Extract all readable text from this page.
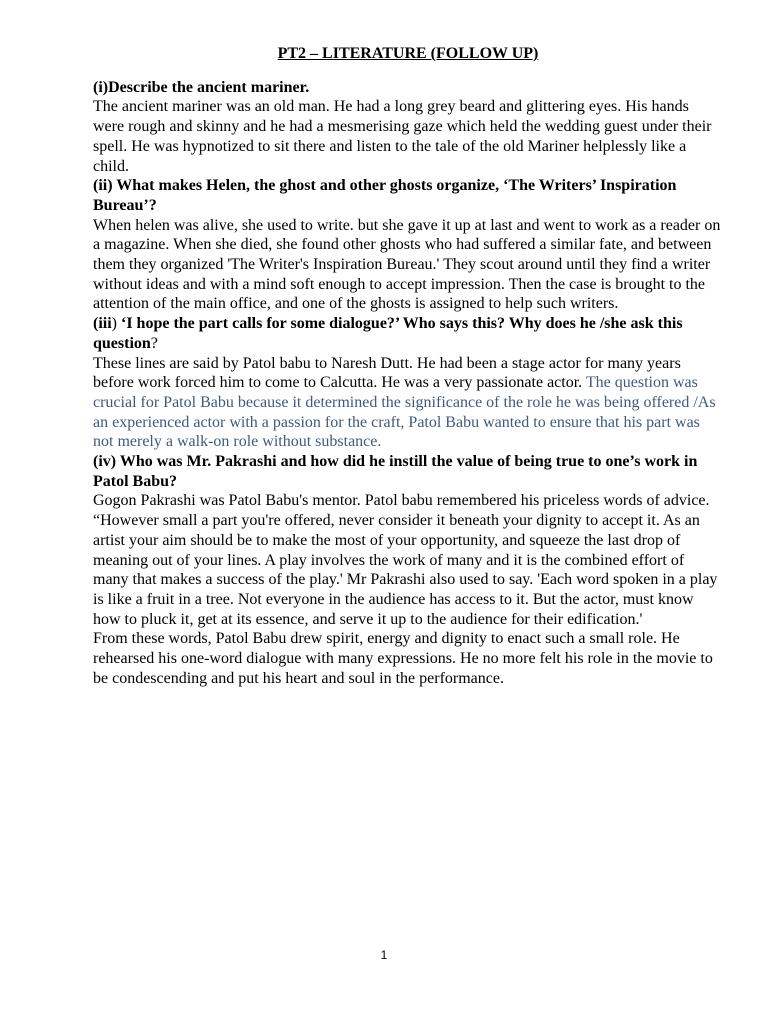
PT2 – LITERATURE (FOLLOW UP)

(i)Describe the ancient mariner.

The ancient mariner was an old man. He had a long grey beard and glittering eyes. His hands were rough and skinny and he had a mesmerising gaze which held the wedding guest under their spell. He was hypnotized to sit there and listen to the tale of the old Mariner helplessly like a child.

(ii) What makes Helen, the ghost and other ghosts organize, ‘The Writers’ Inspiration Bureau’?

When helen was alive, she used to write. but she gave it up at last and went to work as a reader on a magazine. When she died, she found other ghosts who had suffered a similar fate, and between them they organized 'The Writer's Inspiration Bureau.' They scout around until they find a writer without ideas and with a mind soft enough to accept impression. Then the case is brought to the attention of the main office, and one of the ghosts is assigned to help such writers.

(iii) ‘I hope the part calls for some dialogue?’ Who says this? Why does he /she ask this question?

These lines are said by Patol babu to Naresh Dutt. He had been a stage actor for many years before work forced him to come to Calcutta. He was a very passionate actor. The question was crucial for Patol Babu because it determined the significance of the role he was being offered /As an experienced actor with a passion for the craft, Patol Babu wanted to ensure that his part was not merely a walk-on role without substance.

(iv) Who was Mr. Pakrashi and how did he instill the value of being true to one’s work in Patol Babu?

Gogon Pakrashi was Patol Babu's mentor. Patol babu remembered his priceless words of advice. “However small a part you're offered, never consider it beneath your dignity to accept it. As an artist your aim should be to make the most of your opportunity, and squeeze the last drop of meaning out of your lines. A play involves the work of many and it is the combined effort of many that makes a success of the play.' Mr Pakrashi also used to say. 'Each word spoken in a play is like a fruit in a tree. Not everyone in the audience has access to it. But the actor, must know how to pluck it, get at its essence, and serve it up to the audience for their edification.'

From these words, Patol Babu drew spirit, energy and dignity to enact such a small role. He rehearsed his one-word dialogue with many expressions. He no more felt his role in the movie to be condescending and put his heart and soul in the performance.

1
